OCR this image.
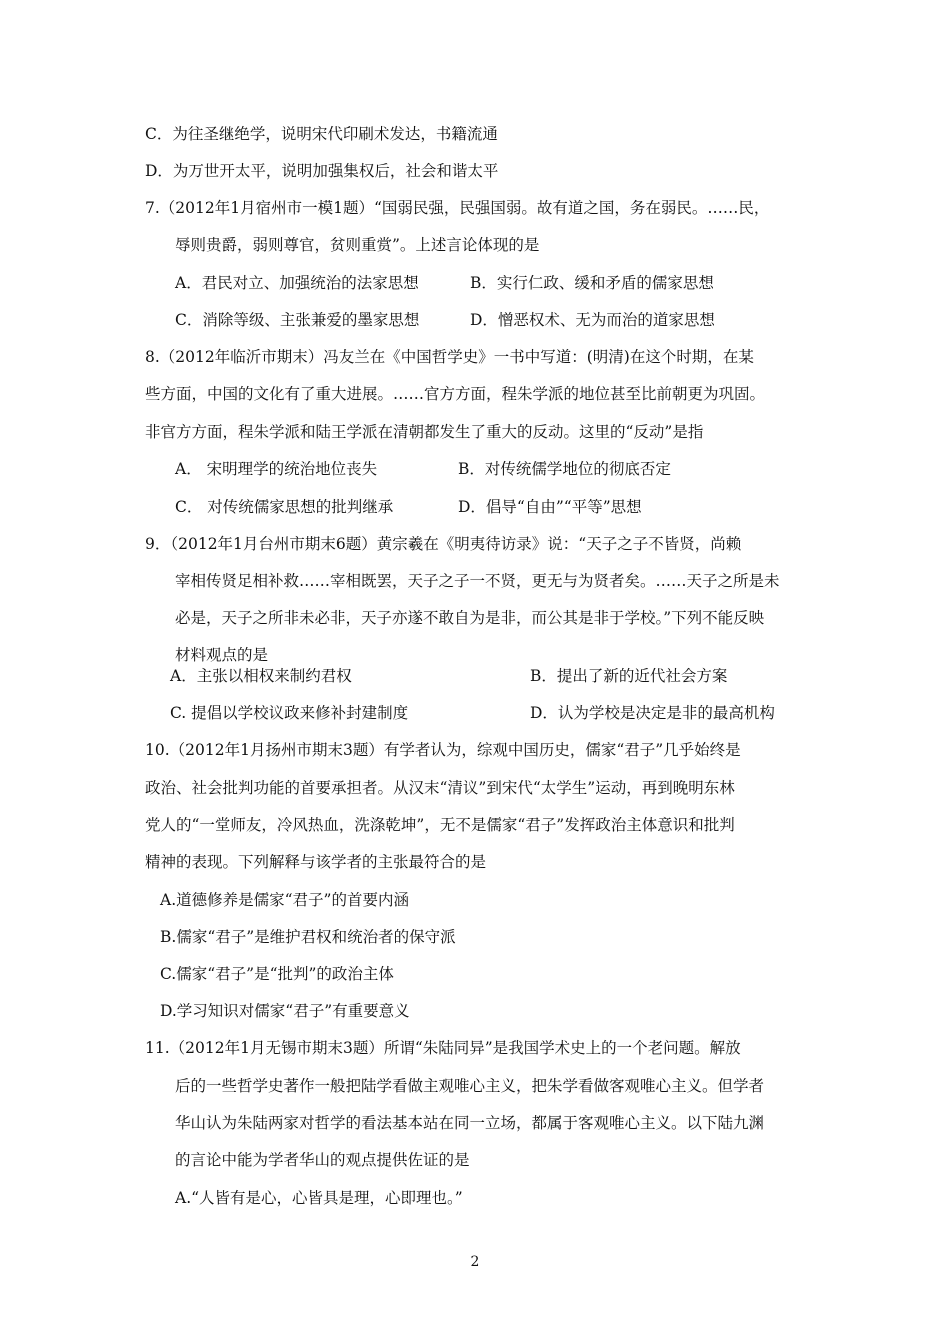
C．为往圣继绝学，说明宋代印刷术发达，书籍流通
D．为万世开太平，说明加强集权后，社会和谐太平
7.（2012年1月宿州市一模1题）“国弱民强，民强国弱。故有道之国，务在弱民。……民，
辱则贵爵，弱则尊官，贫则重赏”。上述言论体现的是
A．君民对立、加强统治的法家思想	B．实行仁政、缓和矛盾的儒家思想
C．消除等级、主张兼爱的墨家思想	D．憎恶权术、无为而治的道家思想
8.（2012年临沂市期末）冯友兰在《中国哲学史》一书中写道：(明清)在这个时期，在某
些方面，中国的文化有了重大进展。……官方方面，程朱学派的地位甚至比前朝更为巩固。
非官方方面，程朱学派和陆王学派在清朝都发生了重大的反动。这里的“反动”是指
A． 宋明理学的统治地位丧失	B．对传统儒学地位的彻底否定
C． 对传统儒家思想的批判继承	D．倡导“自由”“平等”思想
9．（2012年1月台州市期末6题）黄宗羲在《明夷待访录》说：“天子之子不皆贤，尚赖
宰相传贤足相补救……宰相既罢，天子之子一不贤，更无与为贤者矣。……天子之所是未
必是，天子之所非未必非，天子亦遂不敢自为是非，而公其是非于学校。”下列不能反映
材料观点的是
A．主张以相权来制约君权	B．提出了新的近代社会方案
C. 提倡以学校议政来修补封建制度	D．认为学校是决定是非的最高机构
10.（2012年1月扬州市期末3题）有学者认为，综观中国历史，儒家“君子”几乎始终是
政治、社会批判功能的首要承担者。从汉末“清议”到宋代“太学生”运动，再到晚明东林
党人的“一堂师友，冷风热血，洗涤乾坤”，无不是儒家“君子”发挥政治主体意识和批判
精神的表现。下列解释与该学者的主张最符合的是
A.道德修养是儒家“君子”的首要内涵
B.儒家“君子”是维护君权和统治者的保守派
C.儒家“君子”是“批判”的政治主体
D.学习知识对儒家“君子”有重要意义
11.（2012年1月无锡市期末3题）所谓“朱陆同异”是我国学术史上的一个老问题。解放
后的一些哲学史著作一般把陆学看做主观唯心主义，把朱学看做客观唯心主义。但学者
华山认为朱陆两家对哲学的看法基本站在同一立场，都属于客观唯心主义。以下陆九渊
的言论中能为学者华山的观点提供佐证的是
A.“人皆有是心，心皆具是理，心即理也。”
2
